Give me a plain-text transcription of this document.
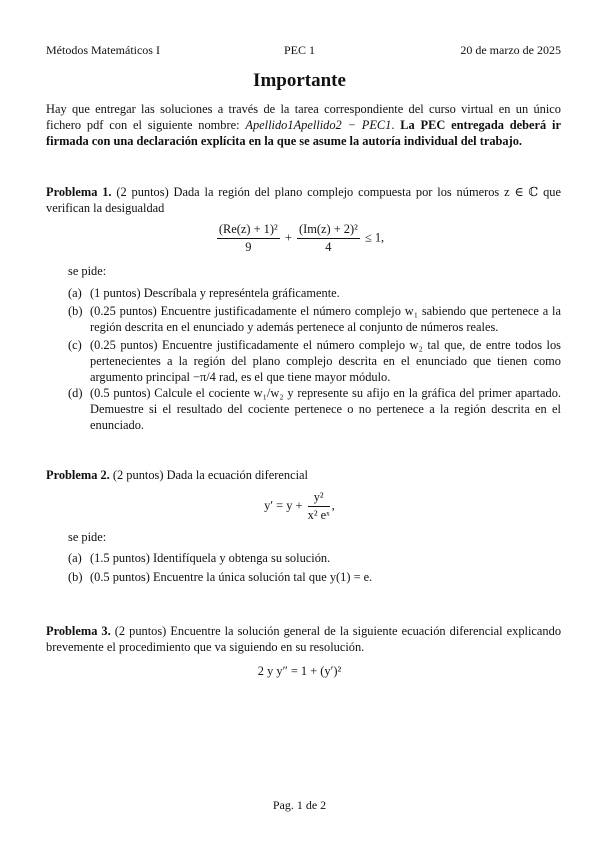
Métodos Matemáticos I	PEC 1	20 de marzo de 2025
Importante
Hay que entregar las soluciones a través de la tarea correspondiente del curso virtual en un único fichero pdf con el siguiente nombre: Apellido1Apellido2 − PEC1. La PEC entregada deberá ir firmada con una declaración explícita en la que se asume la autoría individual del trabajo.
Problema 1. (2 puntos) Dada la región del plano complejo compuesta por los números z ∈ ℂ que verifican la desigualdad
$\frac{\text{(Re(z) + 1)²}}{9} + \frac{\text{(Im(z) + 2)²}}{4} \le 1$,
se pide:
(a) (1 puntos) Descríbala y represéntela gráficamente.
(b) (0.25 puntos) Encuentre justificadamente el número complejo w₁ sabiendo que pertenece a la región descrita en el enunciado y además pertenece al conjunto de números reales.
(c) (0.25 puntos) Encuentre justificadamente el número complejo w₂ tal que, de entre todos los pertenecientes a la región del plano complejo descrita en el enunciado que tienen como argumento principal −π/4 rad, es el que tiene mayor módulo.
(d) (0.5 puntos) Calcule el cociente w₁/w₂ y represente su afijo en la gráfica del primer apartado. Demuestre si el resultado del cociente pertenece o no pertenece a la región descrita en el enunciado.
Problema 2. (2 puntos) Dada la ecuación diferencial
$y' = y + \frac{\text{y²}}{\text{x² eˣ}}$ ,
se pide:
(a) (1.5 puntos) Identifíquela y obtenga su solución.
(b) (0.5 puntos) Encuentre la única solución tal que y(1) = e.
Problema 3. (2 puntos) Encuentre la solución general de la siguiente ecuación diferencial explicando brevemente el procedimiento que va siguiendo en su resolución.
2 y y″ = 1 + (y′)²
Pag. 1 de 2
